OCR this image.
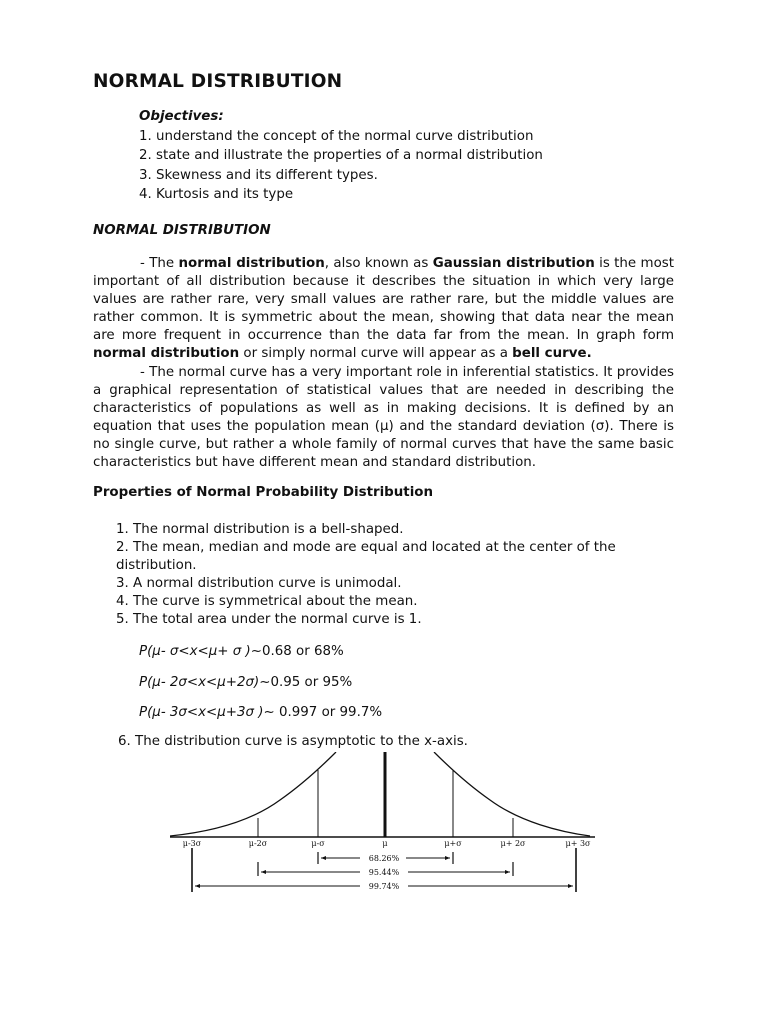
NORMAL DISTRIBUTION
Objectives:
1. understand the concept of the normal curve distribution
2. state and illustrate the properties of a normal distribution
3. Skewness and its different types.
4. Kurtosis and its type
NORMAL DISTRIBUTION

- The normal distribution, also known as Gaussian distribution is the most important of all distribution because it describes the situation in which very large values are rather rare, very small values are rather rare, but the middle values are rather common. It is symmetric about the mean, showing that data near the mean are more frequent in occurrence than the data far from the mean. In graph form normal distribution or simply normal curve will appear as a bell curve.

- The normal curve has a very important role in inferential statistics. It provides a graphical representation of statistical values that are needed in describing the characteristics of populations as well as in making decisions. It is defined by an equation that uses the population mean (μ) and the standard deviation (σ). There is no single curve, but rather a whole family of normal curves that have the same basic characteristics but have different mean and standard distribution.

Properties of Normal Probability Distribution
1. The normal distribution is a bell-shaped.
2. The mean, median and mode are equal and located at the center of the distribution.
3. A normal distribution curve is unimodal.
4. The curve is symmetrical about the mean.
5. The total area under the normal curve is 1.
P(μ- σ<x<μ+ σ )~0.68 or 68%
P(μ- 2σ<x<μ+2σ)~0.95 or 95%
P(μ- 3σ<x<μ+3σ )~ 0.997 or 99.7%
6. The distribution curve is asymptotic to the x-axis.
μ-3σ	μ-2σ	μ-σ	μ	μ+σ	μ+ 2σ	μ+ 3σ
68.26%
95.44%
99.74%
